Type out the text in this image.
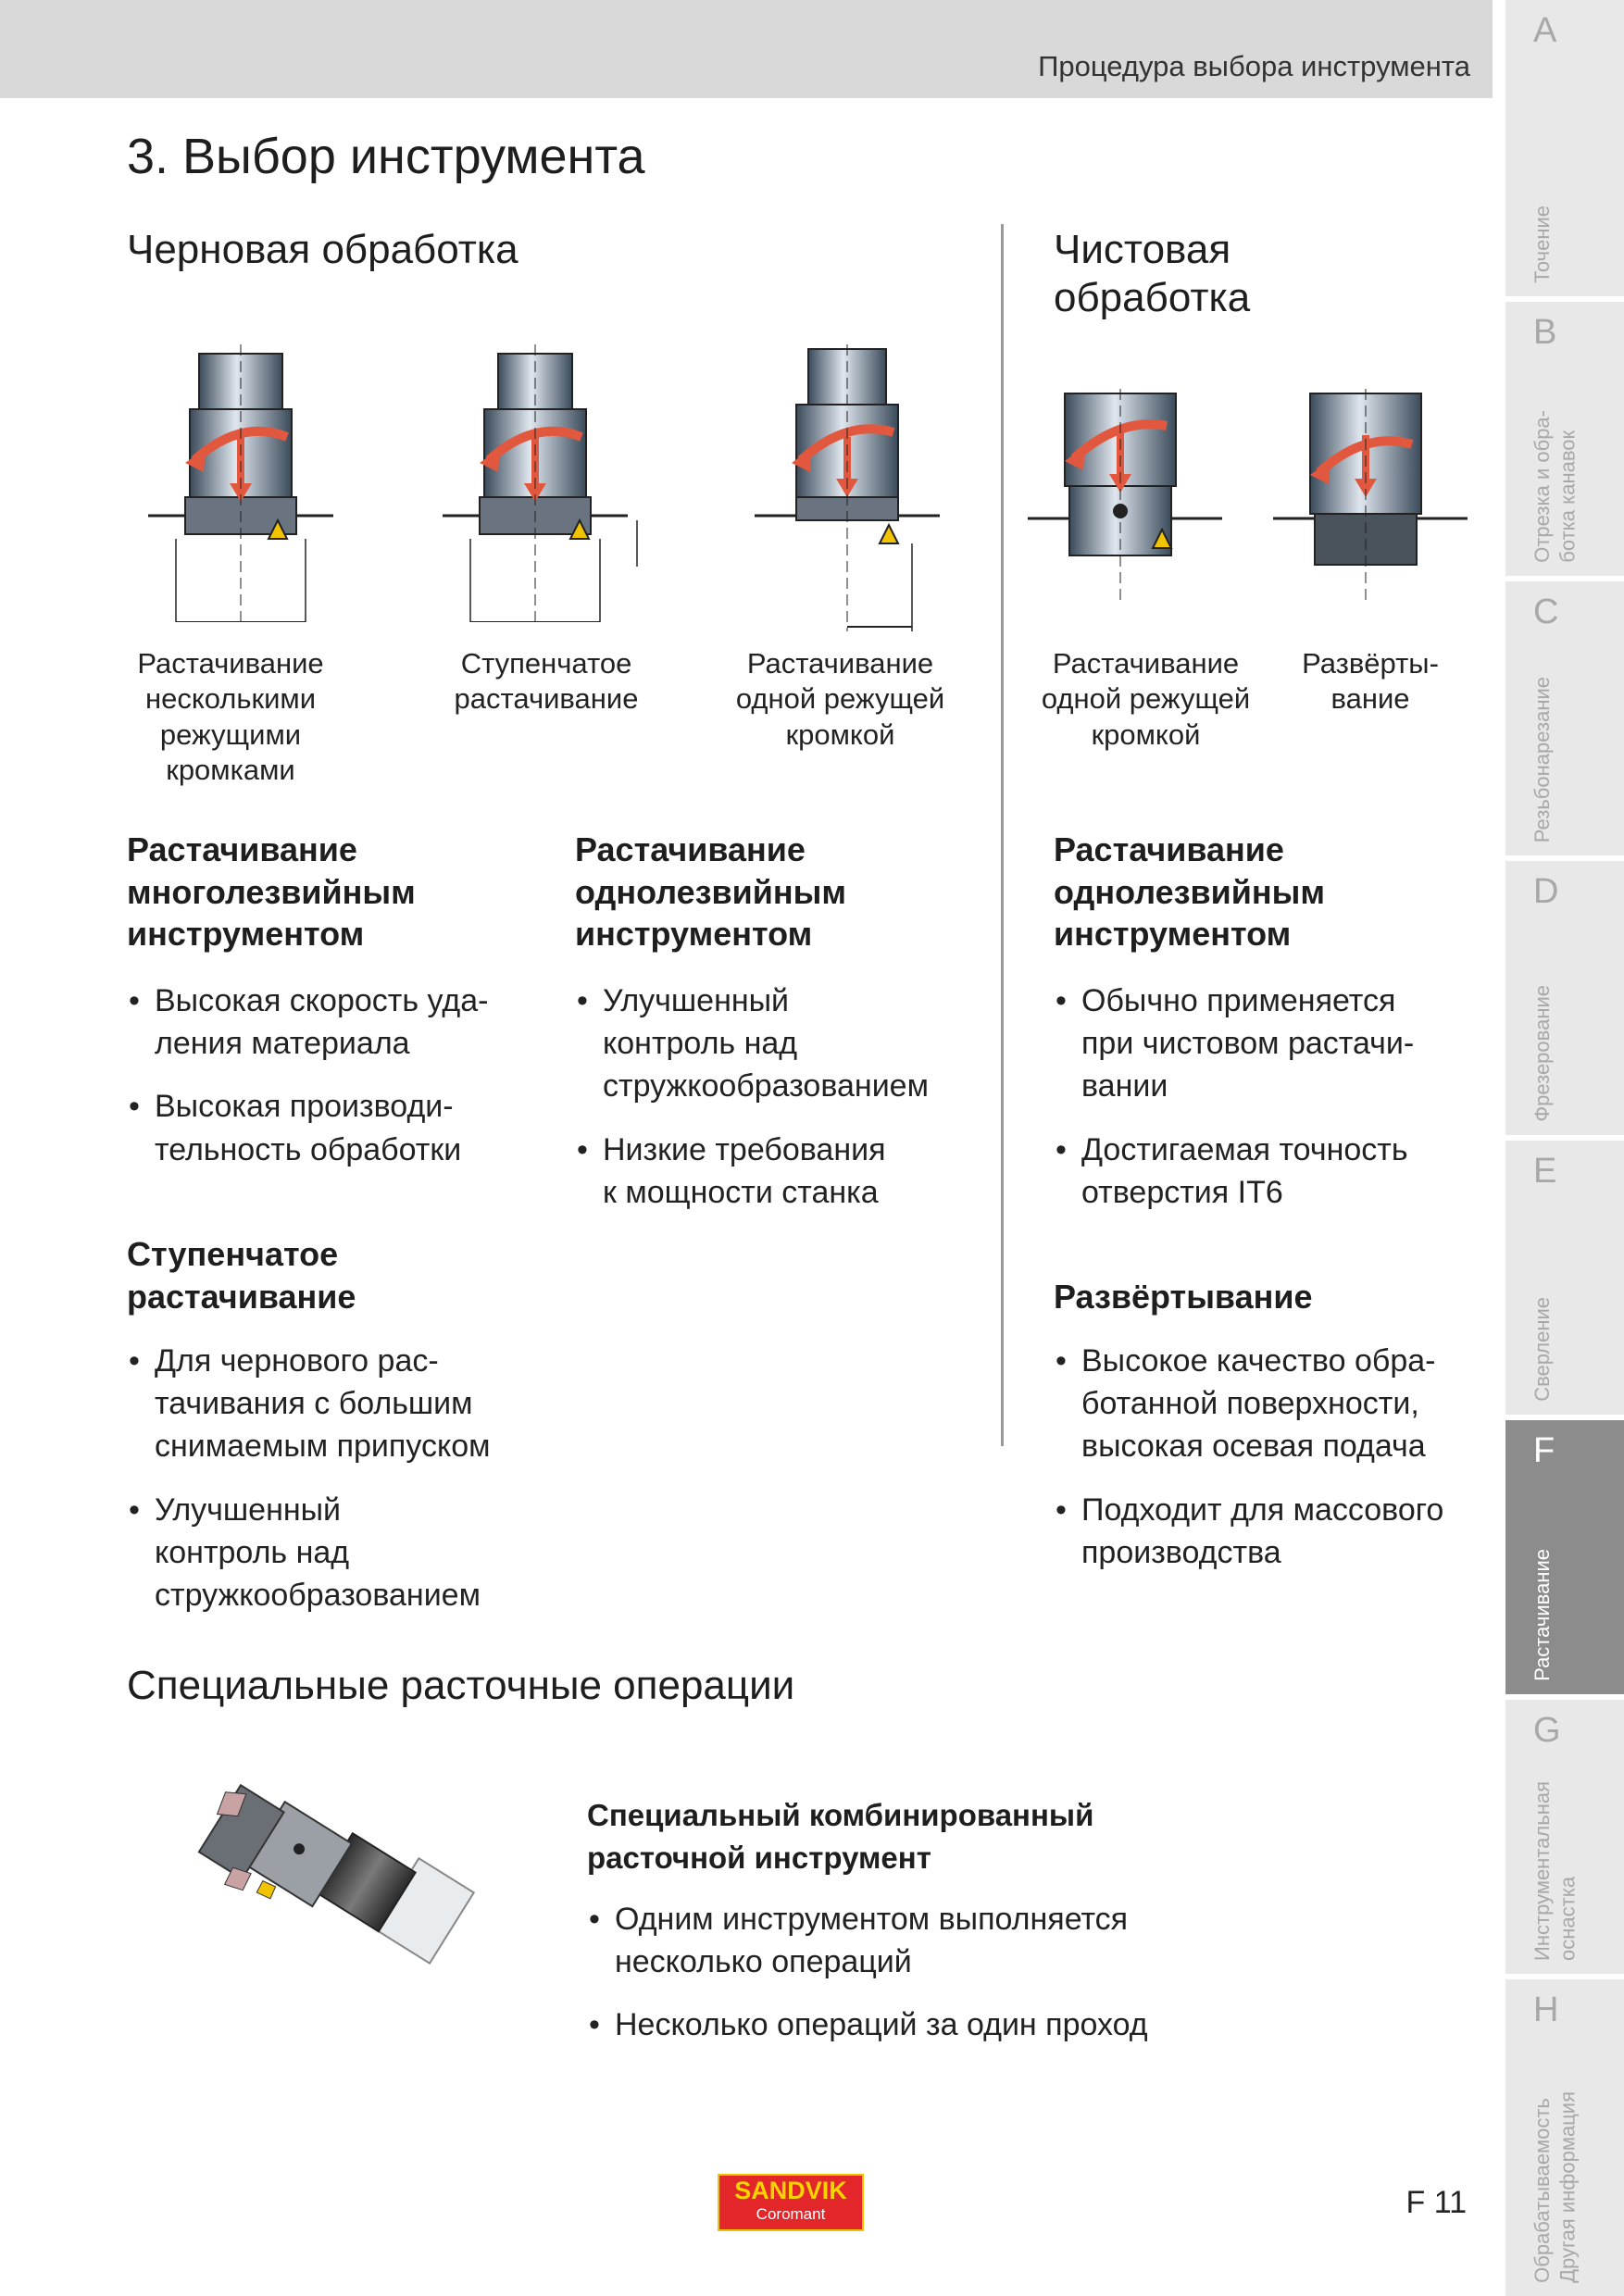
Процедура выбора инструмента
A
Точение
B
Отрезка и обра-
ботка канавок
C
Резьбонарезание
D
Фрезерование
E
Сверление
F
Растачивание
G
Инструментальная
оснастка
H
Обрабатываемость
Другая информация
3. Выбор инструмента
Черновая обработка	Чистовая
обработка
Растачивание
несколькими
режущими
кромками
Ступенчатое
растачивание
Растачивание
одной режущей
кромкой
Растачивание
одной режущей
кромкой
Развёрты-
вание
Растачивание
многолезвийным
инструментом
• Высокая скорость уда-
ления материала
• Высокая производи-
тельность обработки
Ступенчатое
растачивание
• Для чернового рас-
тачивания с большим
снимаемым припуском
• Улучшенный
контроль над
стружкообразованием
Растачивание
однолезвийным
инструментом
• Улучшенный
контроль над
стружкообразованием
• Низкие требования
к мощности станка
Растачивание
однолезвийным
инструментом
• Обычно применяется
при чистовом растачи-
вании
• Достигаемая точность
отверстия IT6
Развёртывание
• Высокое качество обра-
ботанной поверхности,
высокая осевая подача
• Подходит для массового
производства
Специальные расточные операции
Специальный комбинированный
расточной инструмент
• Одним инструментом выполняется
несколько операций
• Несколько операций за один проход
SANDVIK
Coromant	F 11
